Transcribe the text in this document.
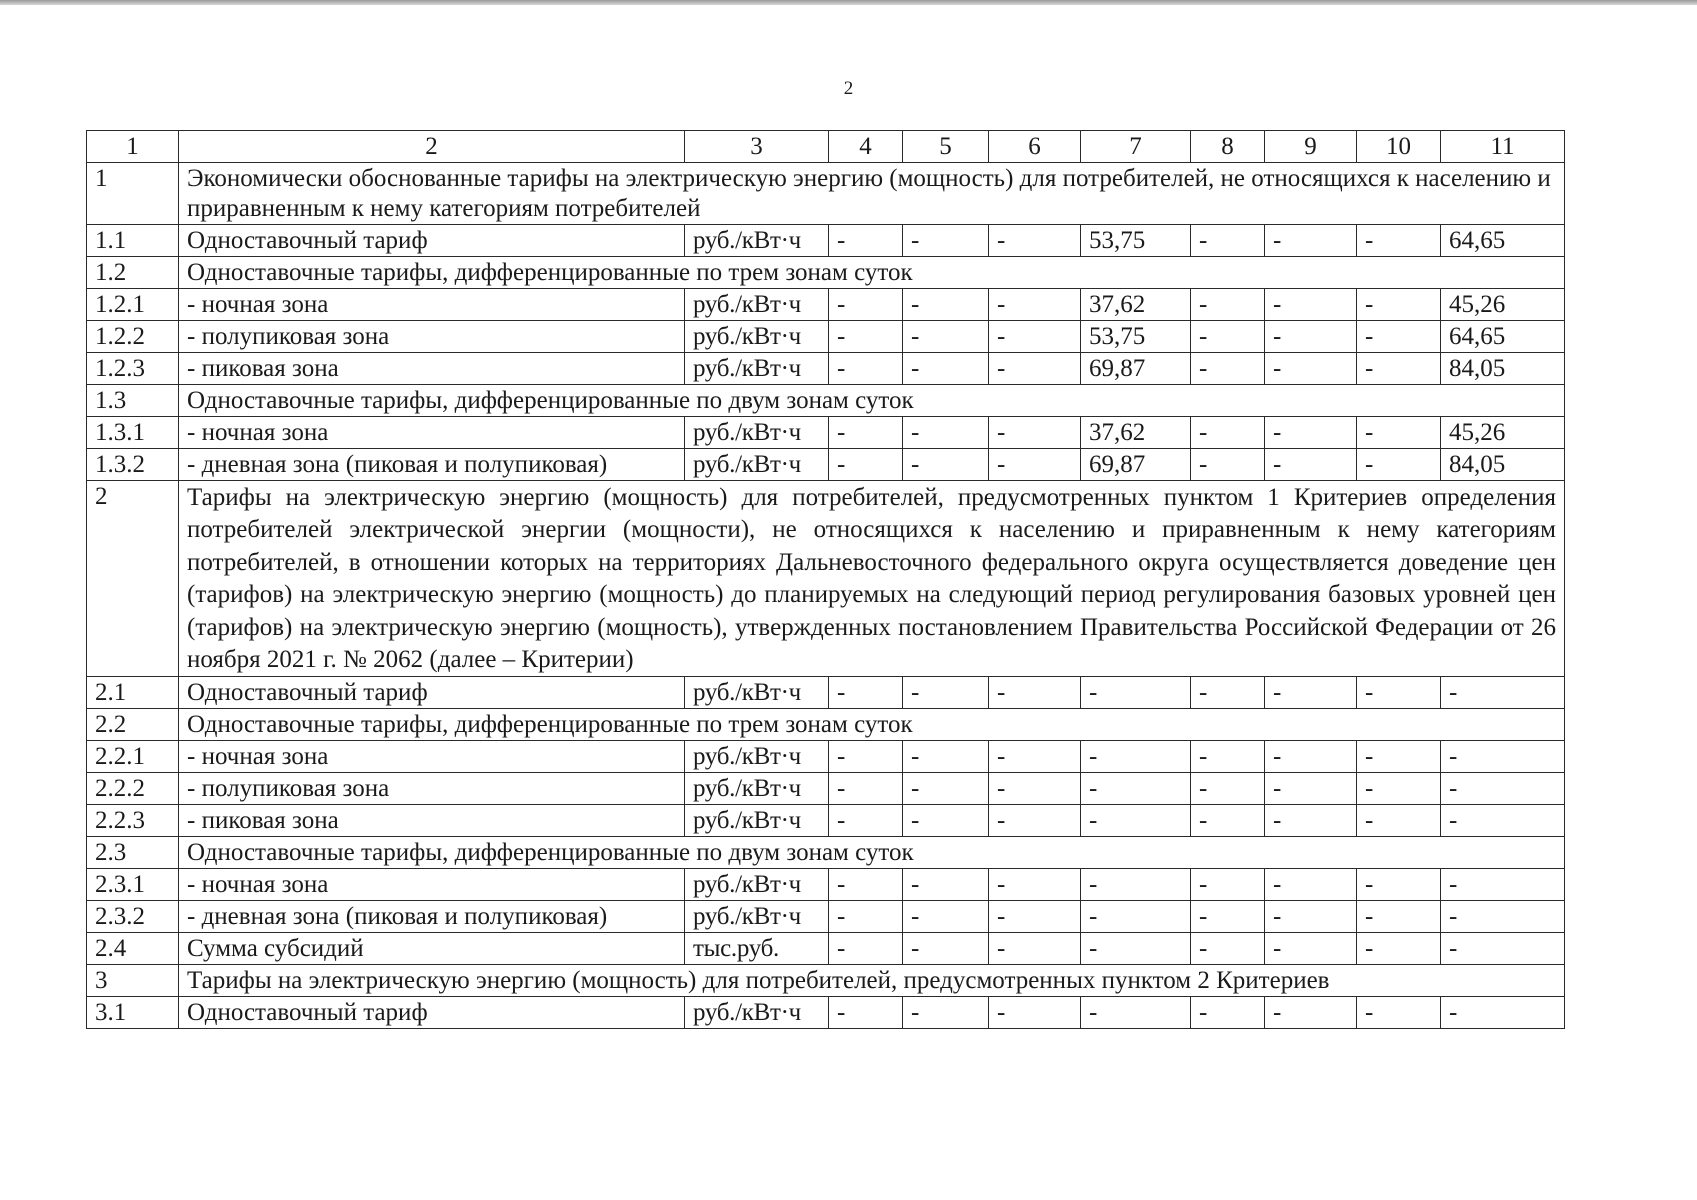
2
1	2	3	4	5	6	7	8	9	10	11
1	Экономически обоснованные тарифы на электрическую энергию (мощность) для потребителей, не относящихся к населению и приравненным к нему категориям потребителей									
1.1	Одноставочный тариф	руб./кВт·ч	-	-	-	53,75	-	-	-	64,65
1.2	Одноставочные тарифы, дифференцированные по трем зонам суток									
1.2.1	- ночная зона	руб./кВт·ч	-	-	-	37,62	-	-	-	45,26
1.2.2	- полупиковая зона	руб./кВт·ч	-	-	-	53,75	-	-	-	64,65
1.2.3	- пиковая зона	руб./кВт·ч	-	-	-	69,87	-	-	-	84,05
1.3	Одноставочные тарифы, дифференцированные по двум зонам суток									
1.3.1	- ночная зона	руб./кВт·ч	-	-	-	37,62	-	-	-	45,26
1.3.2	- дневная зона (пиковая и полупиковая)	руб./кВт·ч	-	-	-	69,87	-	-	-	84,05
2	Тарифы на электрическую энергию (мощность) для потребителей, предусмотренных пунктом 1 Критериев определения потребителей электрической энергии (мощности), не относящихся к населению и приравненным к нему категориям потребителей, в отношении которых на территориях Дальневосточного федерального округа осуществляется доведение цен (тарифов) на электрическую энергию (мощность) до планируемых на следующий период регулирования базовых уровней цен (тарифов) на электрическую энергию (мощность), утвержденных постановлением Правительства Российской Федерации от 26 ноября 2021 г. № 2062 (далее – Критерии)									
2.1	Одноставочный тариф	руб./кВт·ч	-	-	-	-	-	-	-	-
2.2	Одноставочные тарифы, дифференцированные по трем зонам суток									
2.2.1	- ночная зона	руб./кВт·ч	-	-	-	-	-	-	-	-
2.2.2	- полупиковая зона	руб./кВт·ч	-	-	-	-	-	-	-	-
2.2.3	- пиковая зона	руб./кВт·ч	-	-	-	-	-	-	-	-
2.3	Одноставочные тарифы, дифференцированные по двум зонам суток									
2.3.1	- ночная зона	руб./кВт·ч	-	-	-	-	-	-	-	-
2.3.2	- дневная зона (пиковая и полупиковая)	руб./кВт·ч	-	-	-	-	-	-	-	-
2.4	Сумма субсидий	тыс.руб.	-	-	-	-	-	-	-	-
3	Тарифы на электрическую энергию (мощность) для потребителей, предусмотренных пунктом 2 Критериев									
3.1	Одноставочный тариф	руб./кВт·ч	-	-	-	-	-	-	-	-
